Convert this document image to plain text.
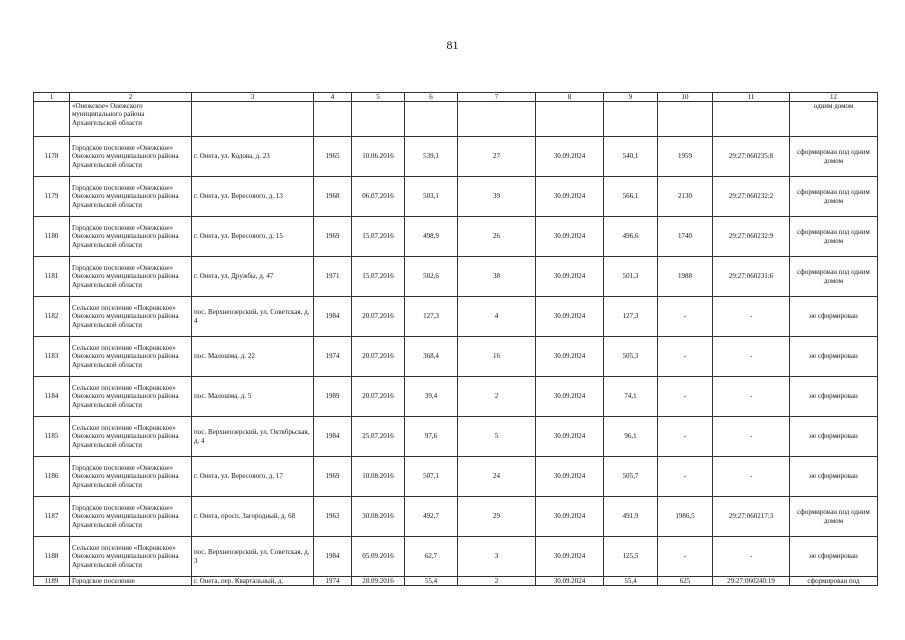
81
1	2	3	4	5	6	7	8	9	10	11	12
	«Онежское» Онежского муниципального района Архангельской области										одним домом
1178	Городское поселение «Онежское» Онежского муниципального района Архангельской области	г. Онега, ул. Кодова, д. 23	1965	10.06.2016	539,1	27	30.09.2024	540,1	1959	29:27:060235:8	сформирован под одним домом
1179	Городское поселение «Онежское» Онежского муниципального района Архангельской области	г. Онега, ул. Вересового, д. 13	1968	06.07.2016	503,1	39	30.09.2024	566,1	2130	29:27:060232:2	сформирован под одним домом
1180	Городское поселение «Онежское» Онежского муниципального района Архангельской области	г. Онега, ул. Вересового, д. 15	1969	15.07.2016	498,9	26	30.09.2024	496,6	1740	29:27:060232:9	сформирован под одним домом
1181	Городское поселение «Онежское» Онежского муниципального района Архангельской области	г. Онега, ул. Дружбы, д. 47	1971	15.07.2016	502,6	38	30.09.2024	501,3	1988	29:27:060231:6	сформирован под одним домом
1182	Сельское поселение «Покровское» Онежского муниципального района Архангельской области	пос. Верхнеозерский, ул. Советская, д. 4	1984	20.07.2016	127,3	4	30.09.2024	127,3	-	-	не сформирован
1183	Сельское поселение «Покровское» Онежского муниципального района Архангельской области	пос. Малошма, д. 22	1974	20.07.2016	368,4	16	30.09.2024	505,3	-	-	не сформирован
1184	Сельское поселение «Покровское» Онежского муниципального района Архангельской области	пос. Малошма, д. 5	1989	20.07.2016	39,4	2	30.09.2024	74,1	-	-	не сформирован
1185	Сельское поселение «Покровское» Онежского муниципального района Архангельской области	пос. Верхнеозерский, ул. Октябрьская, д. 4	1984	25.07.2016	97,6	5	30.09.2024	96,1	-	-	не сформирован
1186	Городское поселение «Онежское» Онежского муниципального района Архангельской области	г. Онега, ул. Вересового, д. 17	1969	10.08.2016	507,1	24	30.09.2024	505,7	-	-	не сформирован
1187	Городское поселение «Онежское» Онежского муниципального района Архангельской области	г. Онега, просп. Загородный, д. 68	1963	30.08.2016	492,7	29	30.09.2024	491,9	1986,5	29:27:060217:3	сформирован под одним домом
1188	Сельское поселение «Покровское» Онежского муниципального района Архангельской области	пос. Верхнеозерский, ул. Советская, д. 3	1984	05.09.2016	62,7	3	30.09.2024	125,5	-	-	не сформирован
1189	Городское поселение	г. Онега, пер. Квартальный, д.	1974	28.09.2016	55,4	2	30.09.2024	55,4	625	29:27:060240:19	сформирован под
